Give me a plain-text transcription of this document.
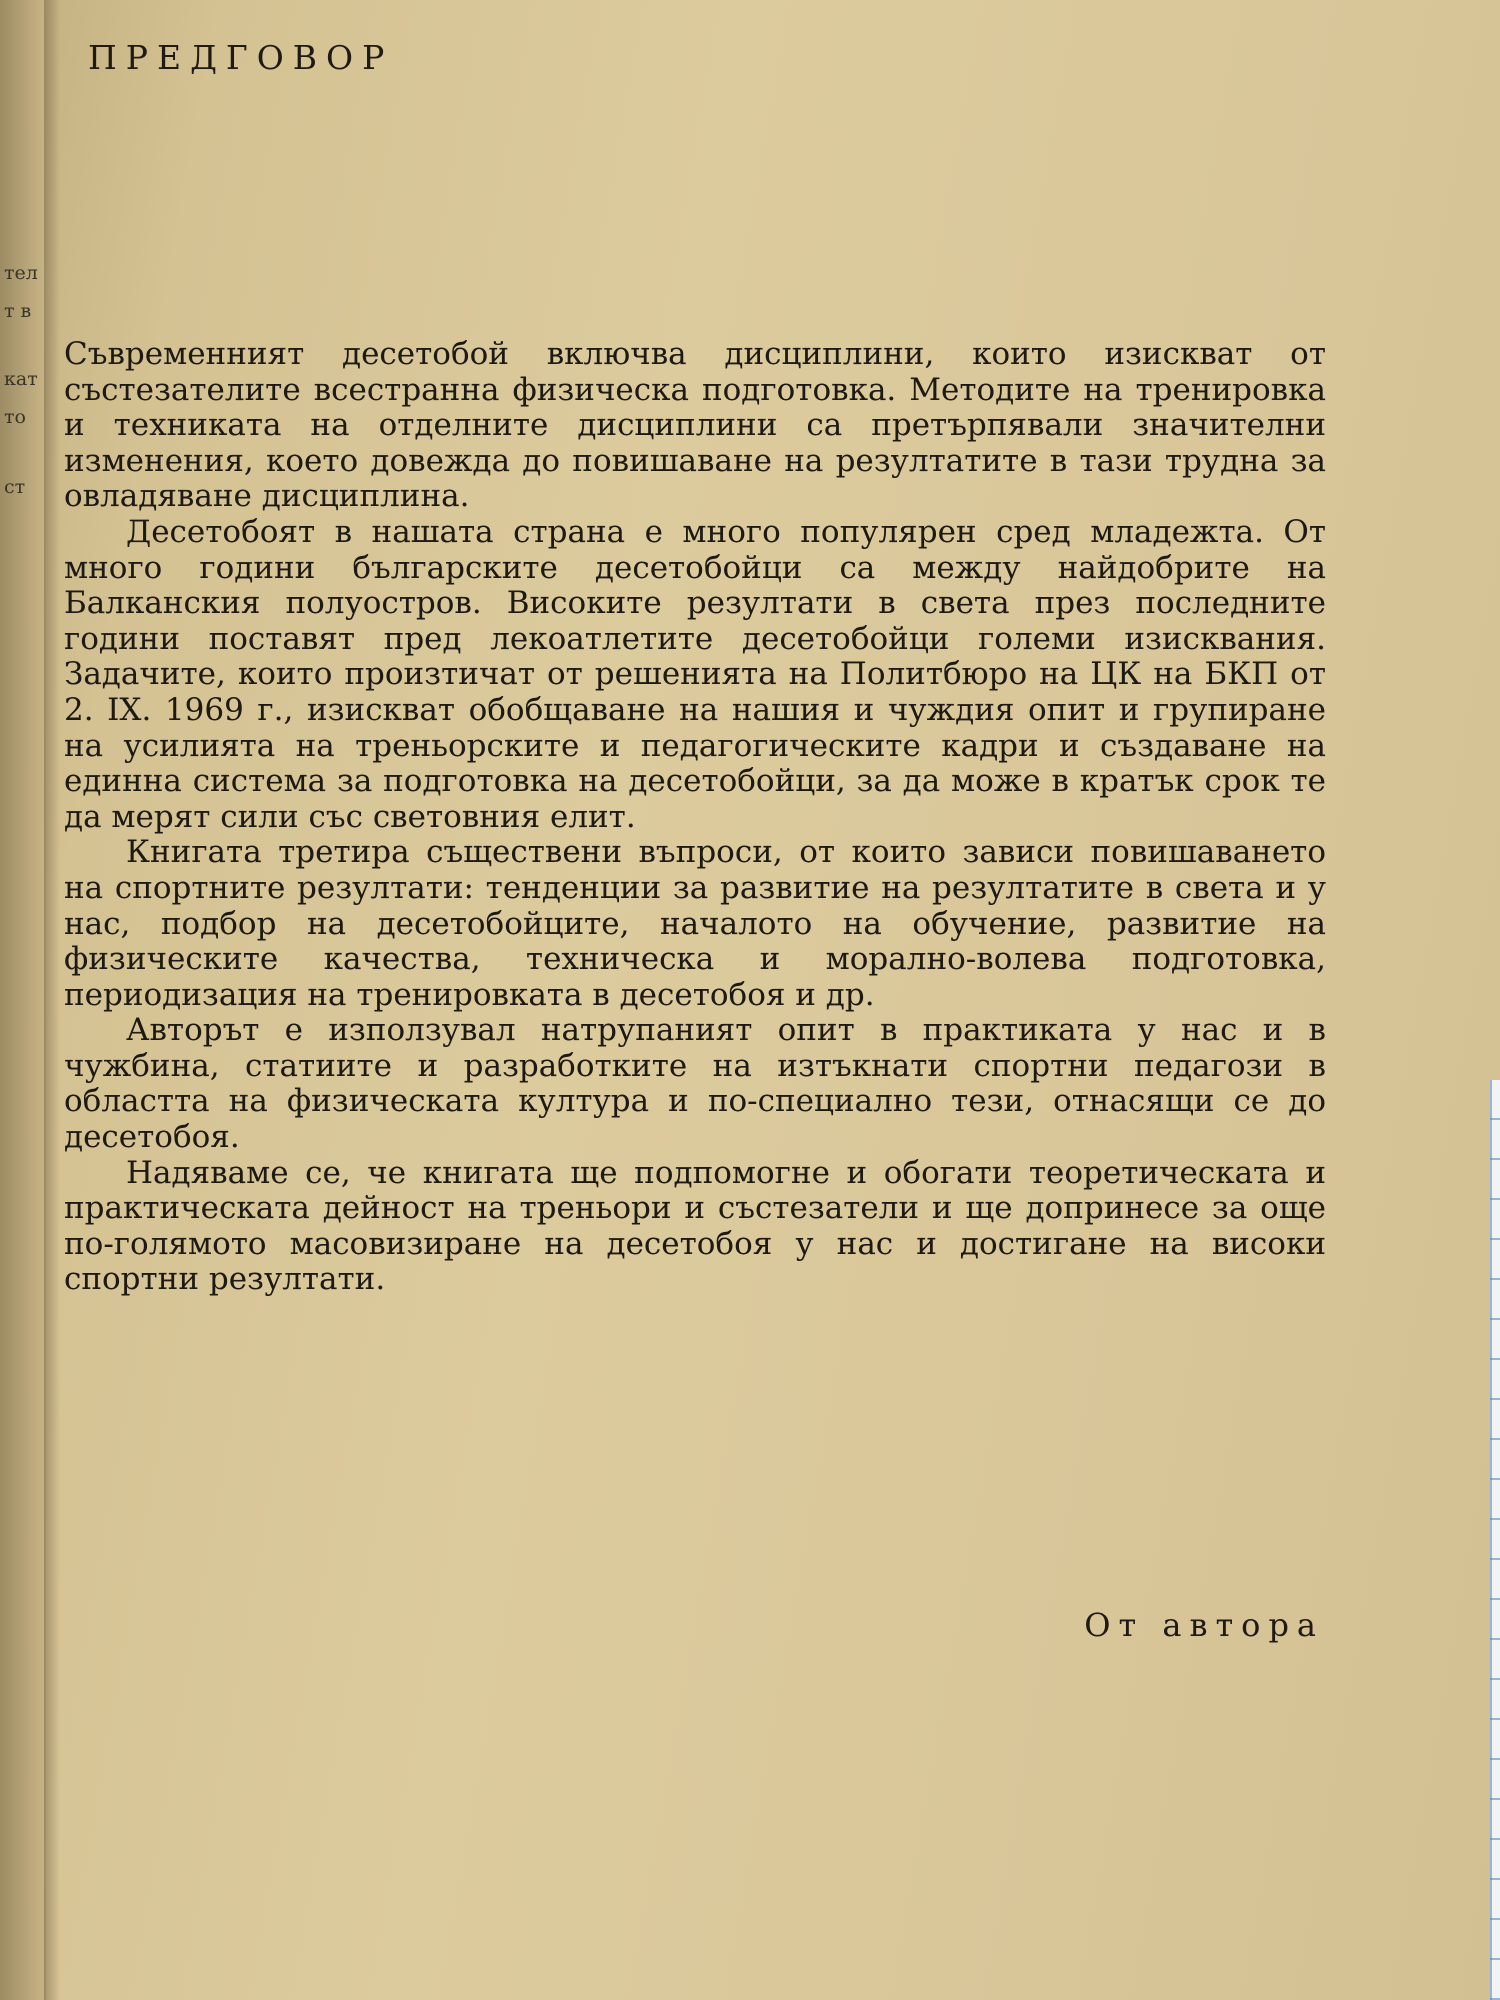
тел
т в
кат
то
ст
ПРЕДГОВОР

Съвременният десетобой включва дисциплини, които изискват от състезателите всестранна физическа подготовка. Методите на тренировка и техниката на отделните дисциплини са претърпявали значителни изменения, което довежда до повишаване на резултатите в тази трудна за овладяване дисциплина.

Десетобоят в нашата страна е много популярен сред младежта. От много години българските десетобойци са между найдобрите на Балканския полуостров. Високите резултати в света през последните години поставят пред лекоатлетите десетобойци големи изисквания. Задачите, които произтичат от решенията на Политбюро на ЦК на БКП от 2. IX. 1969 г., изискват обобщаване на нашия и чуждия опит и групиране на усилията на треньорските и педагогическите кадри и създаване на единна система за подготовка на десетобойци, за да може в кратък срок те да мерят сили със световния елит.

Книгата третира съществени въпроси, от които зависи повишаването на спортните резултати: тенденции за развитие на резултатите в света и у нас, подбор на десетобойците, началото на обучение, развитие на физическите качества, техническа и морално-волева подготовка, периодизация на тренировката в десетобоя и др.

Авторът е използувал натрупаният опит в практиката у нас и в чужбина, статиите и разработките на изтъкнати спортни педагози в областта на физическата култура и по-специално тези, отнасящи се до десетобоя.

Надяваме се, че книгата ще подпомогне и обогати теоретическата и практическата дейност на треньори и състезатели и ще допринесе за още по-голямото масовизиране на десетобоя у нас и достигане на високи спортни резултати.

От автора
